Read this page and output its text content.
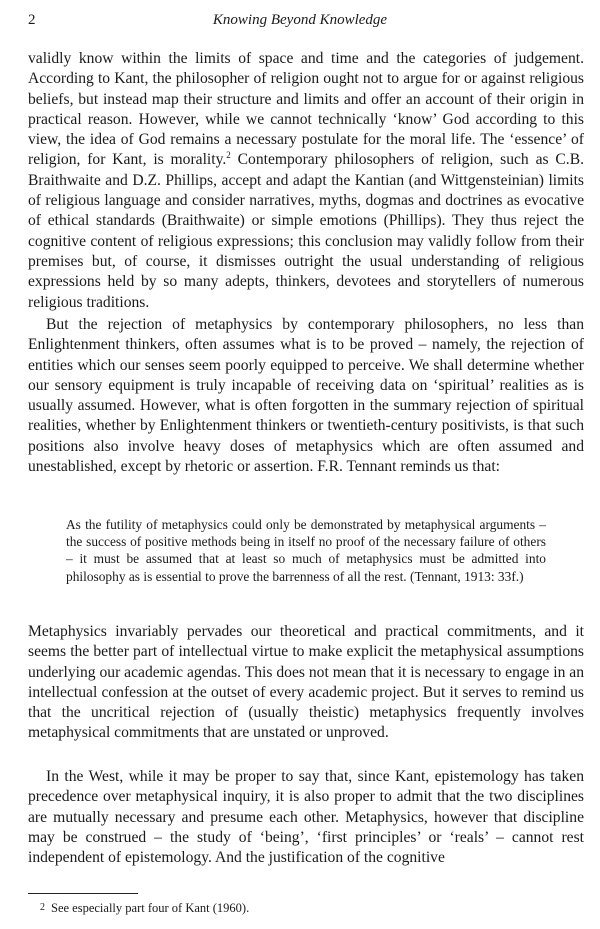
2	Knowing Beyond Knowledge

validly know within the limits of space and time and the categories of judgement. According to Kant, the philosopher of religion ought not to argue for or against religious beliefs, but instead map their structure and limits and offer an account of their origin in practical reason. However, while we cannot technically ‘know’ God according to this view, the idea of God remains a necessary postulate for the moral life. The ‘essence’ of religion, for Kant, is morality.$^2$ Contemporary philosophers of religion, such as C.B. Braithwaite and D.Z. Phillips, accept and adapt the Kantian (and Wittgensteinian) limits of religious language and consider narratives, myths, dogmas and doctrines as evocative of ethical standards (Braithwaite) or simple emotions (Phillips). They thus reject the cognitive content of religious expressions; this conclusion may validly follow from their premises but, of course, it dismisses outright the usual understanding of religious expressions held by so many adepts, thinkers, devotees and storytellers of numerous religious traditions.

But the rejection of metaphysics by contemporary philosophers, no less than Enlightenment thinkers, often assumes what is to be proved – namely, the rejection of entities which our senses seem poorly equipped to perceive. We shall determine whether our sensory equipment is truly incapable of receiving data on ‘spiritual’ realities as is usually assumed. However, what is often forgotten in the summary rejection of spiritual realities, whether by Enlightenment thinkers or twentieth-century positivists, is that such positions also involve heavy doses of metaphysics which are often assumed and unestablished, except by rhetoric or assertion. F.R. Tennant reminds us that:

As the futility of metaphysics could only be demonstrated by metaphysical arguments – the success of positive methods being in itself no proof of the necessary failure of others – it must be assumed that at least so much of metaphysics must be admitted into philosophy as is essential to prove the barrenness of all the rest. (Tennant, 1913: 33f.)

Metaphysics invariably pervades our theoretical and practical commitments, and it seems the better part of intellectual virtue to make explicit the metaphysical assumptions underlying our academic agendas. This does not mean that it is necessary to engage in an intellectual confession at the outset of every academic project. But it serves to remind us that the uncritical rejection of (usually theistic) metaphysics frequently involves metaphysical commitments that are unstated or unproved.

In the West, while it may be proper to say that, since Kant, epistemology has taken precedence over metaphysical inquiry, it is also proper to admit that the two disciplines are mutually necessary and presume each other. Metaphysics, however that discipline may be construed – the study of ‘being’, ‘first principles’ or ‘reals’ – cannot rest independent of epistemology. And the justification of the cognitive

2 See especially part four of Kant (1960).
